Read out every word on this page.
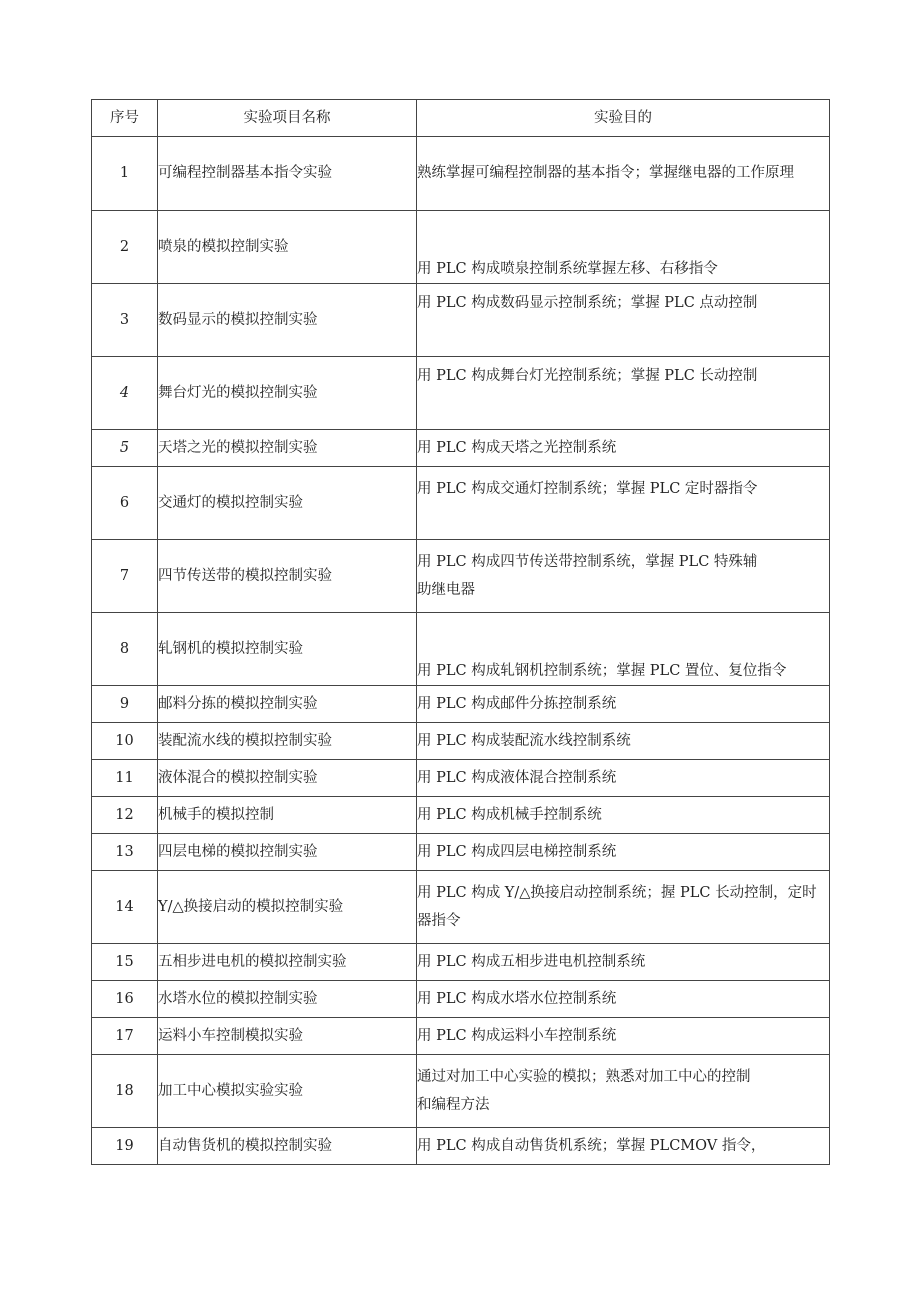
序号	实验项目名称	实验目的
1	可编程控制器基本指令实验	熟练掌握可编程控制器的基本指令；掌握继电器的工作原理
2	喷泉的模拟控制实验	用 PLC 构成喷泉控制系统掌握左移、右移指令
3	数码显示的模拟控制实验	用 PLC 构成数码显示控制系统；掌握 PLC 点动控制
4	舞台灯光的模拟控制实验	用 PLC 构成舞台灯光控制系统；掌握 PLC 长动控制
5	天塔之光的模拟控制实验	用 PLC 构成天塔之光控制系统
6	交通灯的模拟控制实验	用 PLC 构成交通灯控制系统；掌握 PLC 定时器指令

7	四节传送带的模拟控制实验	用 PLC 构成四节传送带控制系统，掌握 PLC 特殊辅助继电器

8	轧钢机的模拟控制实验	用 PLC 构成轧钢机控制系统；掌握 PLC 置位、复位指令
9	邮料分拣的模拟控制实验	用 PLC 构成邮件分拣控制系统
10	装配流水线的模拟控制实验	用 PLC 构成装配流水线控制系统
11	液体混合的模拟控制实验	用 PLC 构成液体混合控制系统
12	机械手的模拟控制	用 PLC 构成机械手控制系统
13	四层电梯的模拟控制实验	用 PLC 构成四层电梯控制系统
14	Y/△换接启动的模拟控制实验	用 PLC 构成 Y/△换接启动控制系统；握 PLC 长动控制，定时器指令

15	五相步进电机的模拟控制实验	用 PLC 构成五相步进电机控制系统
16	水塔水位的模拟控制实验	用 PLC 构成水塔水位控制系统
17	运料小车控制模拟实验	用 PLC 构成运料小车控制系统
18	加工中心模拟实验实验	通过对加工中心实验的模拟；熟悉对加工中心的控制和编程方法

19	自动售货机的模拟控制实验	用 PLC 构成自动售货机系统；掌握 PLCMOV 指令，
